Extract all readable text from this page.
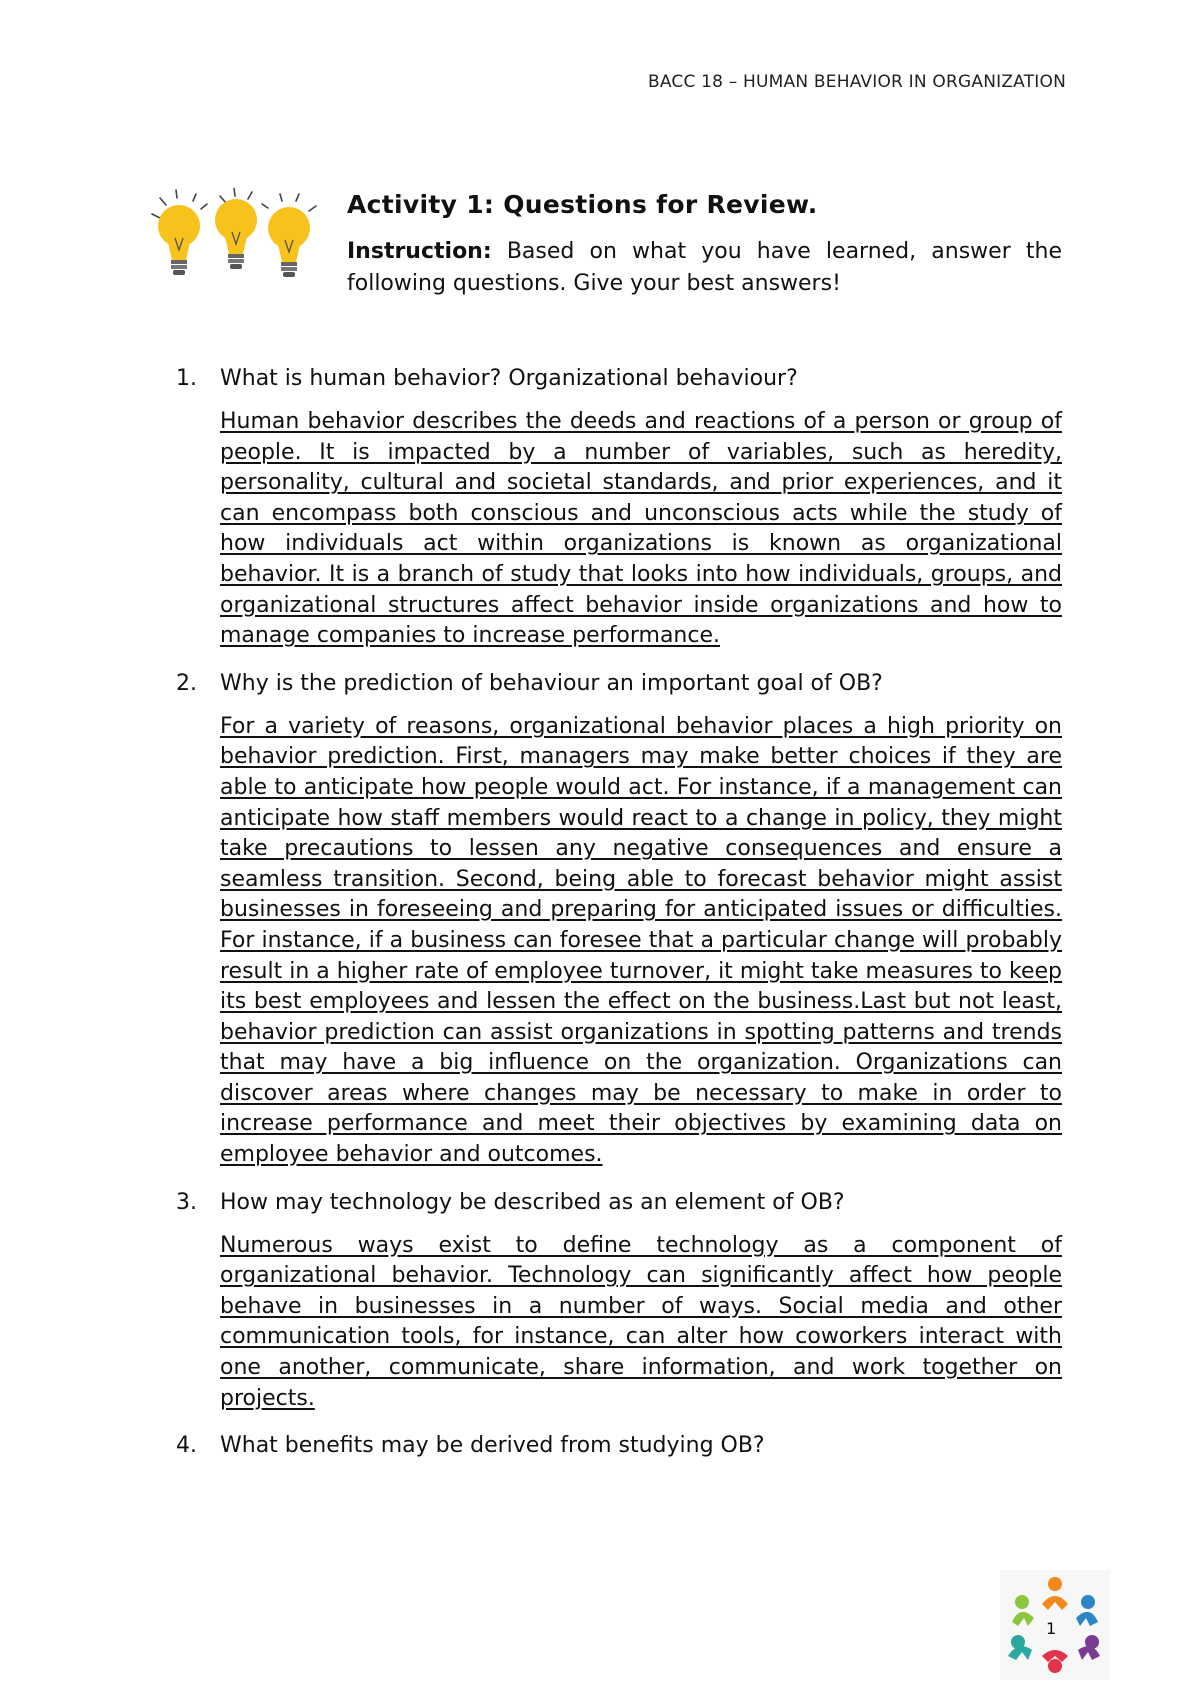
BACC 18 – HUMAN BEHAVIOR IN ORGANIZATION

Activity 1: Questions for Review.

Instruction: Based on what you have learned, answer the following questions. Give your best answers!

1.	What is human behavior? Organizational behaviour?

Human behavior describes the deeds and reactions of a person or group of people. It is impacted by a number of variables, such as heredity, personality, cultural and societal standards, and prior experiences, and it can encompass both conscious and unconscious acts while the study of how individuals act within organizations is known as organizational behavior. It is a branch of study that looks into how individuals, groups, and organizational structures affect behavior inside organizations and how to manage companies to increase performance.

2.	Why is the prediction of behaviour an important goal of OB?

For a variety of reasons, organizational behavior places a high priority on behavior prediction. First, managers may make better choices if they are able to anticipate how people would act. For instance, if a management can anticipate how staff members would react to a change in policy, they might take precautions to lessen any negative consequences and ensure a seamless transition. Second, being able to forecast behavior might assist businesses in foreseeing and preparing for anticipated issues or difficulties. For instance, if a business can foresee that a particular change will probably result in a higher rate of employee turnover, it might take measures to keep its best employees and lessen the effect on the business.Last but not least, behavior prediction can assist organizations in spotting patterns and trends that may have a big influence on the organization. Organizations can discover areas where changes may be necessary to make in order to increase performance and meet their objectives by examining data on employee behavior and outcomes.

3.	How may technology be described as an element of OB?

Numerous ways exist to define technology as a component of organizational behavior. Technology can significantly affect how people behave in businesses in a number of ways. Social media and other communication tools, for instance, can alter how coworkers interact with one another, communicate, share information, and work together on projects.

4.	What benefits may be derived from studying OB?
1
